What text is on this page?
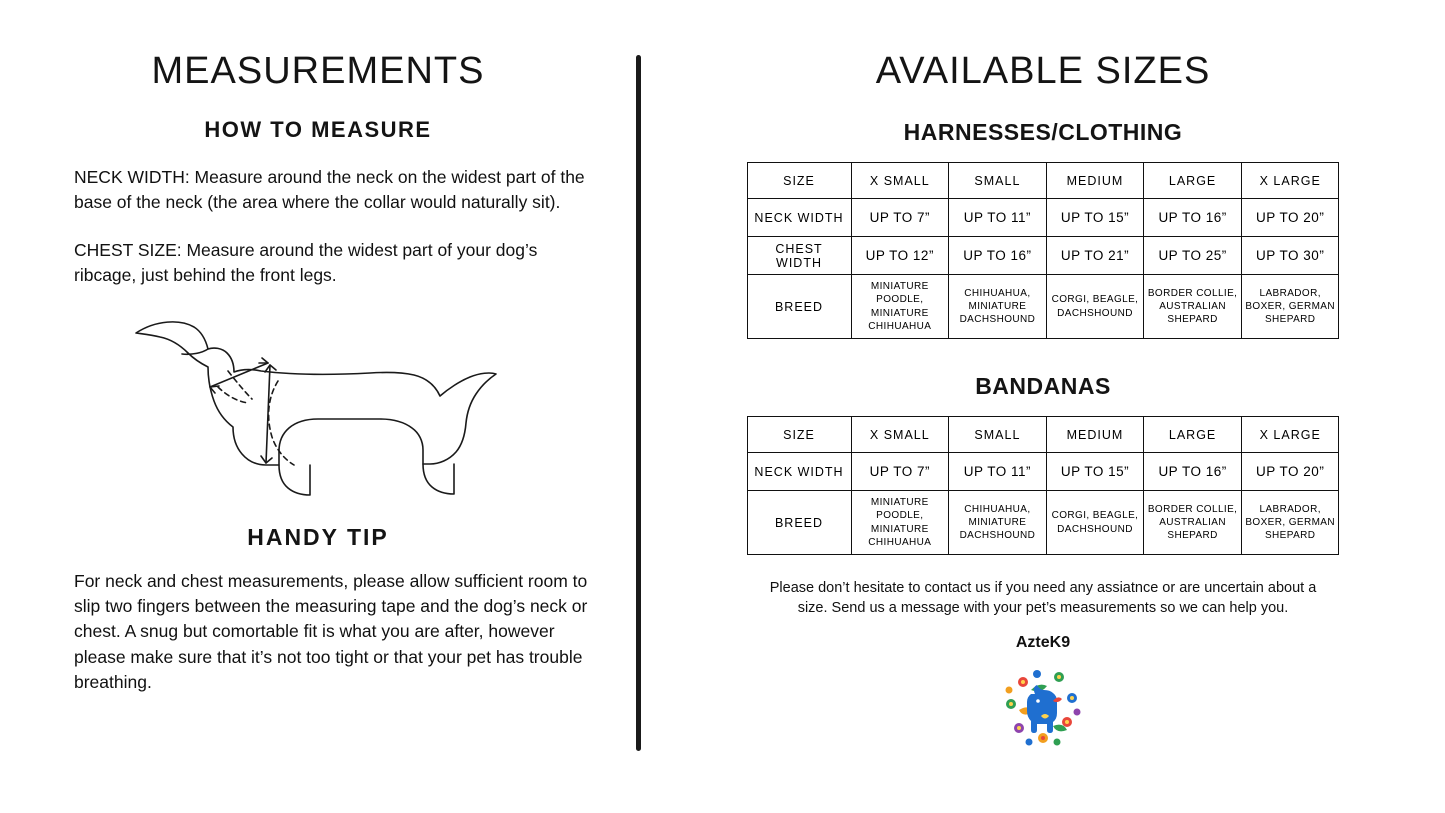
MEASUREMENTS
HOW TO MEASURE
NECK WIDTH: Measure around the neck on the widest part of the base of the neck (the area where the collar would naturally sit).
CHEST SIZE: Measure around the widest part of your dog’s ribcage, just behind the front legs.
HANDY TIP
For neck and chest measurements, please allow sufficient room to slip two fingers between the measuring tape and the dog’s neck or chest. A snug but comortable fit is what you are after, however please make sure that it’s not too tight or that your pet has trouble breathing.
AVAILABLE SIZES
HARNESSES/CLOTHING
SIZE	X SMALL	SMALL	MEDIUM	LARGE	X LARGE
NECK WIDTH	UP TO 7”	UP TO 11”	UP TO 15”	UP TO 16”	UP TO 20”
CHEST WIDTH	UP TO 12”	UP TO 16”	UP TO 21”	UP TO 25”	UP TO 30”
BREED	MINIATURE POODLE, MINIATURE CHIHUAHUA	CHIHUAHUA, MINIATURE DACHSHOUND	CORGI, BEAGLE, DACHSHOUND	BORDER COLLIE, AUSTRALIAN SHEPARD	LABRADOR, BOXER, GERMAN SHEPARD
BANDANAS
SIZE	X SMALL	SMALL	MEDIUM	LARGE	X LARGE
NECK WIDTH	UP TO 7”	UP TO 11”	UP TO 15”	UP TO 16”	UP TO 20”
BREED	MINIATURE POODLE, MINIATURE CHIHUAHUA	CHIHUAHUA, MINIATURE DACHSHOUND	CORGI, BEAGLE, DACHSHOUND	BORDER COLLIE, AUSTRALIAN SHEPARD	LABRADOR, BOXER, GERMAN SHEPARD
Please don’t hesitate to contact us if you need any assiatnce or are uncertain about a size. Send us a message with your pet’s measurements so we can help you.
AzteK9
